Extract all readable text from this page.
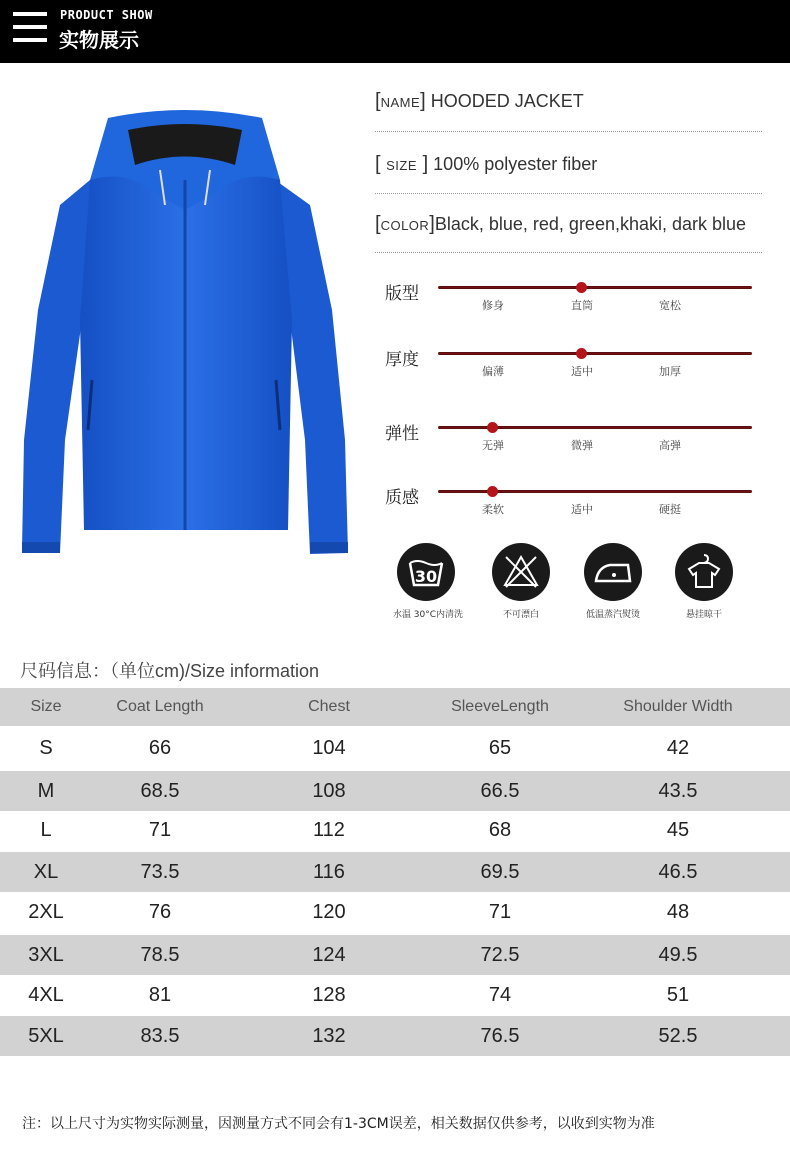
PRODUCT SHOW
实物展示
[NAME] HOODED JACKET
[ SIZE ] 100% polyester fiber
[COLOR]Black, blue, red, green,khaki, dark blue
版型
修身	直筒	宽松
厚度
偏薄	适中	加厚
弹性
无弹	微弹	高弹
质感
柔软	适中	硬挺
30
水温 30°C内清洗	不可漂白	低温蒸汽熨烫	悬挂晾干
尺码信息：（单位cm)/Size information
Size	Coat Length	Chest	SleeveLength	Shoulder Width
S	66	104	65	42
M	68.5	108	66.5	43.5
L	71	112	68	45
XL	73.5	116	69.5	46.5
2XL	76	120	71	48
3XL	78.5	124	72.5	49.5
4XL	81	128	74	51
5XL	83.5	132	76.5	52.5
注：以上尺寸为实物实际测量，因测量方式不同会有1-3CM误差，相关数据仅供参考，以收到实物为准
